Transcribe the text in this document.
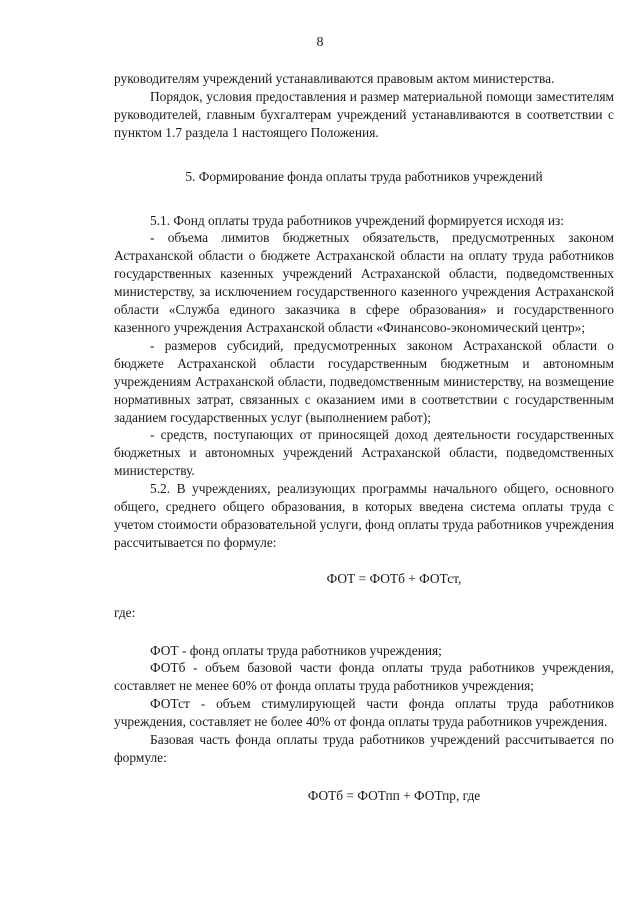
8

руководителям учреждений устанавливаются правовым актом министерства.

Порядок, условия предоставления и размер материальной помощи заместителям руководителей, главным бухгалтерам учреждений устанавливаются в соответствии с пунктом 1.7 раздела 1 настоящего Положения.

5. Формирование фонда оплаты труда работников учреждений

5.1. Фонд оплаты труда работников учреждений формируется исходя из:

- объема лимитов бюджетных обязательств, предусмотренных законом Астраханской области о бюджете Астраханской области на оплату труда работников государственных казенных учреждений Астраханской области, подведомственных министерству, за исключением государственного казенного учреждения Астраханской области «Служба единого заказчика в сфере образования» и государственного казенного учреждения Астраханской области «Финансово-экономический центр»;

- размеров субсидий, предусмотренных законом Астраханской области о бюджете Астраханской области государственным бюджетным и автономным учреждениям Астраханской области, подведомственным министерству, на возмещение нормативных затрат, связанных с оказанием ими в соответствии с государственным заданием государственных услуг (выполнением работ);

- средств, поступающих от приносящей доход деятельности государственных бюджетных и автономных учреждений Астраханской области, подведомственных министерству.

5.2. В учреждениях, реализующих программы начального общего, основного общего, среднего общего образования, в которых введена система оплаты труда с учетом стоимости образовательной услуги, фонд оплаты труда работников учреждения рассчитывается по формуле:

ФОТ = ФОТб + ФОТст,

где:

ФОТ - фонд оплаты труда работников учреждения;

ФОТб - объем базовой части фонда оплаты труда работников учреждения, составляет не менее 60% от фонда оплаты труда работников учреждения;

ФОТст - объем стимулирующей части фонда оплаты труда работников учреждения, составляет не более 40% от фонда оплаты труда работников учреждения.

Базовая часть фонда оплаты труда работников учреждений рассчитывается по формуле:

ФОТб = ФОТпп + ФОТпр, где
